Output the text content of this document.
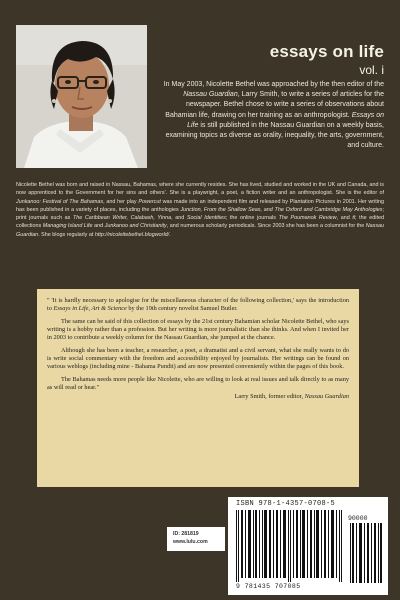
essays on life
vol. i

In May 2003, Nicolette Bethel was approached by the then editor of the Nassau Guardian, Larry Smith, to write a series of articles for the newspaper. Bethel chose to write a series of observations about Bahamian life, drawing on her training as an anthropologist. Essays on Life is still published in the Nassau Guardian on a weekly basis, examining topics as diverse as orality, inequality, the arts, government, and culture.

Nicolette Bethel was born and raised in Nassau, Bahamas, where she currently resides. She has lived, studied and worked in the UK and Canada, and is now apprenticed to the Government for her sins and others'. She is a playwright, a poet, a fiction writer and an anthropologist. She is the editor of Junkanoo: Festival of The Bahamas, and her play Powercut was made into an independent film and released by Plantation Pictures in 2001. Her writing has been published in a variety of places, including the anthologies Junction, From the Shallow Seas, and The Oxford and Cambridge May Anthologies; print journals such as The Caribbean Writer, Calabash, Yinna, and Social Identities; the online journals The Poumanok Review, and tl; the edited collections Managing Island Life and Junkanoo and Christianity, and numerous scholarly periodicals. Since 2003 she has been a columnist for the Nassau Guardian. She blogs regularly at http://nicolettebethel.blogworld/.

" 'It is hardly necessary to apologise for the miscellaneous character of the following collection,' says the introduction to Essays in Life, Art & Science by the 19th century novelist Samuel Butler.

The same can be said of this collection of essays by the 21st century Bahamian scholar Nicolette Bethel, who says writing is a hobby rather than a profession. But her writing is more journalistic than she thinks. And when I invited her in 2003 to contribute a weekly column for the Nassau Guardian, she jumped at the chance.

Although she has been a teacher, a researcher, a poet, a dramatist and a civil servant, what she really wants to do is write social commentary with the freedom and accessibility enjoyed by journalists. Her writings can be found on various weblogs (including mine - Bahama Pundit) and are now presented conveniently within the pages of this book.

The Bahamas needs more people like Nicolette, who are willing to look at real issues and talk directly to as many as will read or hear."

Larry Smith, former editor, Nassau Guardian

ID: 281819
www.lulu.com
ISBN 978-1-4357-0708-5
9 781435 707085
90000
